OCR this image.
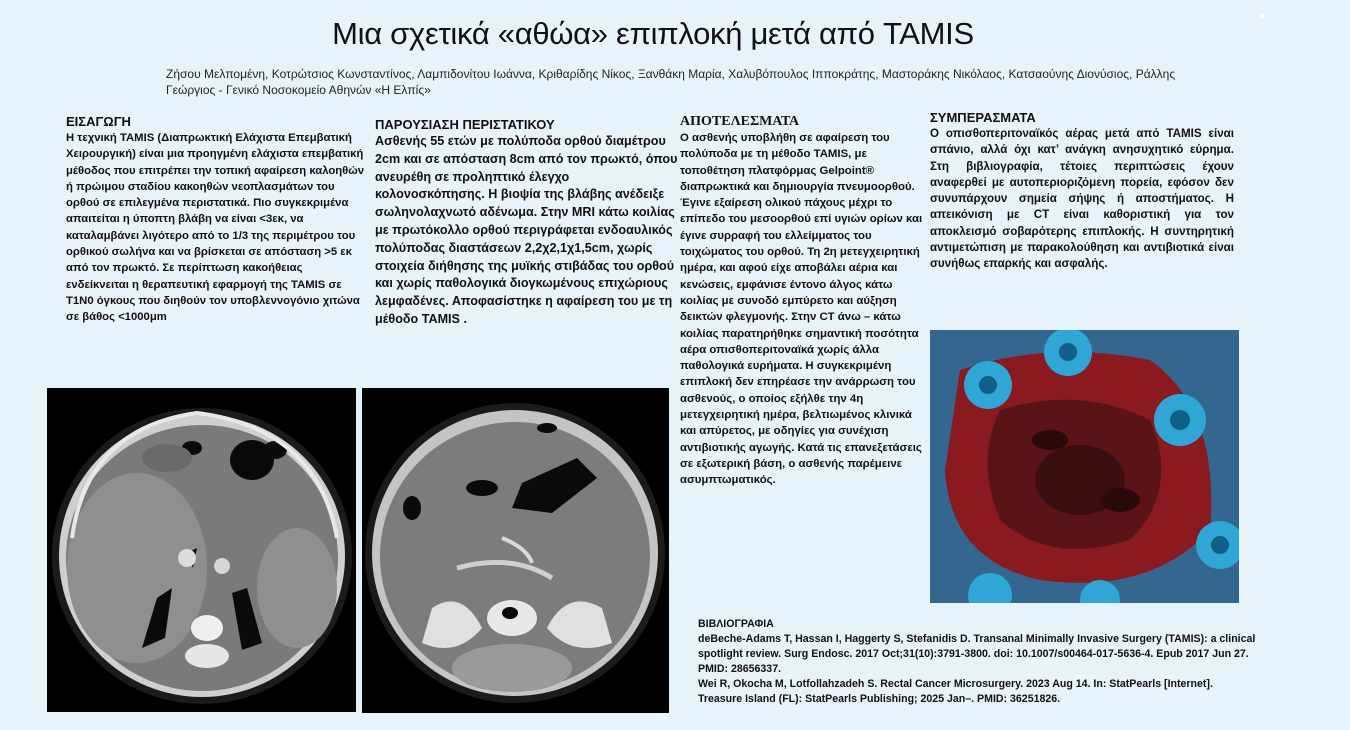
Μια σχετικά «αθώα» επιπλοκή μετά από TAMIS
Ζήσου Μελπομένη, Κοτρώτσιος Κωνσταντίνος, Λαμπιδονίτου Ιωάννα, Κριθαρίδης Νίκος, Ξανθάκη Μαρία, Χαλυβόπουλος Ιπποκράτης, Μαστοράκης Νικόλαος, Κατσαούνης Διονύσιος, Ράλλης Γεώργιος - Γενικό Νοσοκομείο Αθηνών «Η Ελπίς»
ΕΙΣΑΓΩΓΗ

Η τεχνική TAMIS (Διαπρωκτική Ελάχιστα Επεμβατική Χειρουργική) είναι μια προηγμένη ελάχιστα επεμβατική μέθοδος που επιτρέπει την τοπική αφαίρεση καλοηθών ή πρώιμου σταδίου κακοηθών νεοπλασμάτων του ορθού σε επιλεγμένα περιστατικά. Πιο συγκεκριμένα απαιτείται η ύποπτη βλάβη να είναι <3εκ, να καταλαμβάνει λιγότερο από το 1/3 της περιμέτρου του ορθικού σωλήνα και να βρίσκεται σε απόσταση >5 εκ από τον πρωκτό. Σε περίπτωση κακοήθειας ενδείκνειται η θεραπευτική εφαρμογή της TAMIS σε T1N0 όγκους που διηθούν τον υποβλεννογόνιο χιτώνα σε βάθος <1000μm

ΠΑΡΟΥΣΙΑΣΗ ΠΕΡΙΣΤΑΤΙΚΟΥ

Ασθενής 55 ετών με πολύποδα ορθού διαμέτρου 2cm και σε απόσταση 8cm από τον πρωκτό, όπου ανευρέθη σε προληπτικό έλεγχο κολονοσκόπησης. Η βιοψία της βλάβης ανέδειξε σωληνολαχνωτό αδένωμα. Στην MRI κάτω κοιλίας με πρωτόκολλο ορθού περιγράφεται ενδοαυλικός πολύποδας διαστάσεων 2,2χ2,1χ1,5cm, χωρίς στοιχεία διήθησης της μυϊκής στιβάδας του ορθού και χωρίς παθολογικά διογκωμένους επιχώριους λεμφαδένες. Αποφασίστηκε η αφαίρεση του με τη μέθοδο TAMIS .

ΑΠΟΤΕΛΕΣΜΑΤΑ

Ο ασθενής υποβλήθη σε αφαίρεση του πολύποδα με τη μέθοδο TAMIS, με τοποθέτηση πλατφόρμας Gelpoint® διαπρωκτικά και δημιουργία πνευμοορθού. Έγινε εξαίρεση ολικού πάχους μέχρι το επίπεδο του μεσοορθού επί υγιών ορίων και έγινε συρραφή του ελλείμματος του τοιχώματος του ορθού. Τη 2η μετεγχειρητική ημέρα, και αφού είχε αποβάλει αέρια και κενώσεις, εμφάνισε έντονο άλγος κάτω κοιλίας με συνοδό εμπύρετο και αύξηση δεικτών φλεγμονής. Στην CT άνω – κάτω κοιλίας παρατηρήθηκε σημαντική ποσότητα αέρα οπισθοπεριτοναϊκά χωρίς άλλα παθολογικά ευρήματα. Η συγκεκριμένη επιπλοκή δεν επηρέασε την ανάρρωση του ασθενούς, ο οποίος εξήλθε την 4η μετεγχειρητική ημέρα, βελτιωμένος κλινικά και απύρετος, με οδηγίες για συνέχιση αντιβιοτικής αγωγής. Κατά τις επανεξετάσεις σε εξωτερική βάση, ο ασθενής παρέμεινε ασυμπτωματικός.

ΣΥΜΠΕΡΑΣΜΑΤΑ

Ο οπισθοπεριτοναϊκός αέρας μετά από TAMIS είναι σπάνιο, αλλά όχι κατ’ ανάγκη ανησυχητικό εύρημα. Στη βιβλιογραφία, τέτοιες περιπτώσεις έχουν αναφερθεί με αυτοπεριοριζόμενη πορεία, εφόσον δεν συνυπάρχουν σημεία σήψης ή αποστήματος. Η απεικόνιση με CT είναι καθοριστική για τον αποκλεισμό σοβαρότερης επιπλοκής. Η συντηρητική αντιμετώπιση με παρακολούθηση και αντιβιοτικά είναι συνήθως επαρκής και ασφαλής.

ΒΙΒΛΙΟΓΡΑΦΙΑ

deBeche-Adams T, Hassan I, Haggerty S, Stefanidis D. Transanal Minimally Invasive Surgery (TAMIS): a clinical spotlight review. Surg Endosc. 2017 Oct;31(10):3791-3800. doi: 10.1007/s00464-017-5636-4. Epub 2017 Jun 27. PMID: 28656337.

Wei R, Okocha M, Lotfollahzadeh S. Rectal Cancer Microsurgery. 2023 Aug 14. In: StatPearls [Internet]. Treasure Island (FL): StatPearls Publishing; 2025 Jan–. PMID: 36251826.
